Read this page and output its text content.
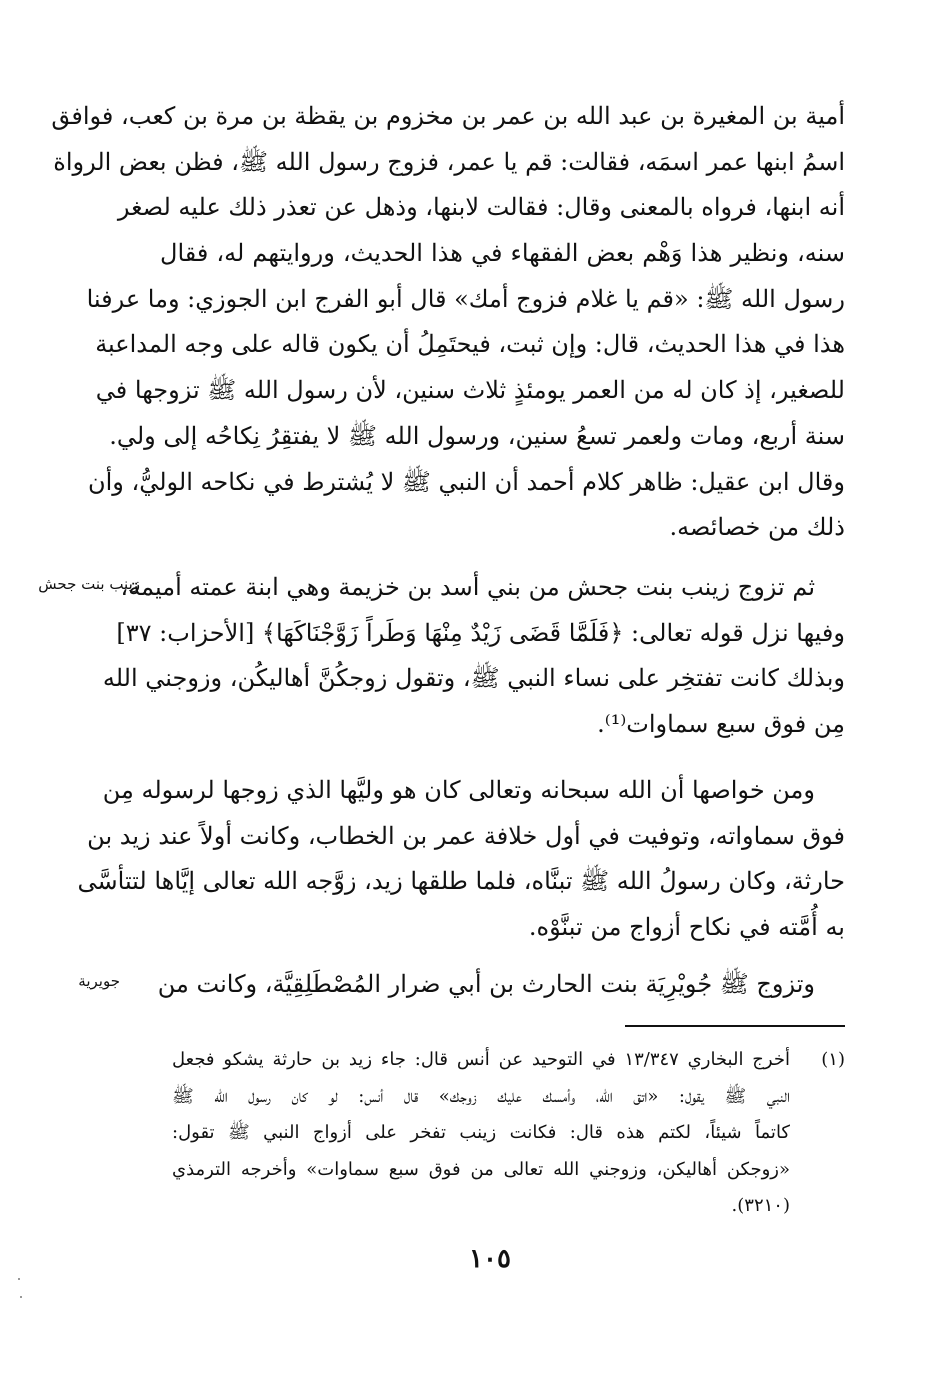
أمية بن المغيرة بن عبد الله بن عمر بن مخزوم بن يقظة بن مرة بن كعب، فوافق
اسمُ ابنها عمر اسمَه، فقالت: قم يا عمر، فزوج رسول الله ﷺ، فظن بعض الرواة
أنه ابنها، فرواه بالمعنى وقال: فقالت لابنها، وذهل عن تعذر ذلك عليه لصغر
سنه، ونظير هذا وَهْم بعض الفقهاء في هذا الحديث، وروايتهم له، فقال
رسول الله ﷺ: «قم يا غلام فزوج أمك» قال أبو الفرج ابن الجوزي: وما عرفنا
هذا في هذا الحديث، قال: وإن ثبت، فيحتَمِلُ أن يكون قاله على وجه المداعبة
للصغير، إذ كان له من العمر يومئذٍ ثلاث سنين، لأن رسول الله ﷺ تزوجها في
سنة أربع، ومات ولعمر تسعُ سنين، ورسول الله ﷺ لا يفتقِرُ نِكاحُه إلى ولي.
وقال ابن عقيل: ظاهر كلام أحمد أن النبي ﷺ لا يُشترط في نكاحه الوليُّ، وأن
ذلك من خصائصه.
زينب بنت جحش
ثم تزوج زينب بنت جحش من بني أسد بن خزيمة وهي ابنة عمته أميمة،
وفيها نزل قوله تعالى: ﴿فَلَمَّا قَضَى زَيْدٌ مِنْهَا وَطَراً زَوَّجْنَاكَهَا﴾ [الأحزاب: ٣٧]
وبذلك كانت تفتخِر على نساء النبي ﷺ، وتقول زوجكُنَّ أهاليكُن، وزوجني الله
مِن فوق سبع سماوات⁽¹⁾.
ومن خواصها أن الله سبحانه وتعالى كان هو وليَّها الذي زوجها لرسوله مِن
فوق سماواته، وتوفيت في أول خلافة عمر بن الخطاب، وكانت أولاً عند زيد بن
حارثة، وكان رسولُ الله ﷺ تبنَّاه، فلما طلقها زيد، زوَّجه الله تعالى إيَّاها لتتأسَّى
به أُمَّته في نكاح أزواج من تبنَّوْه.
جويرية وتزوج ﷺ جُويْرِيَة بنت الحارث بن أبي ضرار المُصْطَلِقِيَّة، وكانت من
(١)
أخرج البخاري ١٣/٣٤٧ في التوحيد عن أنس قال: جاء زيد بن حارثة يشكو فجعل
النبي ﷺ يقول: «اتق الله، وأمسك عليك زوجك» قال أنس: لو كان رسول الله ﷺ
كاتماً شيئاً، لكتم هذه قال: فكانت زينب تفخر على أزواج النبي ﷺ تقول:
«زوجكن أهاليكن، وزوجني الله تعالى من فوق سبع سماوات» وأخرجه الترمذي
(٣٢١٠).
١٠٥
